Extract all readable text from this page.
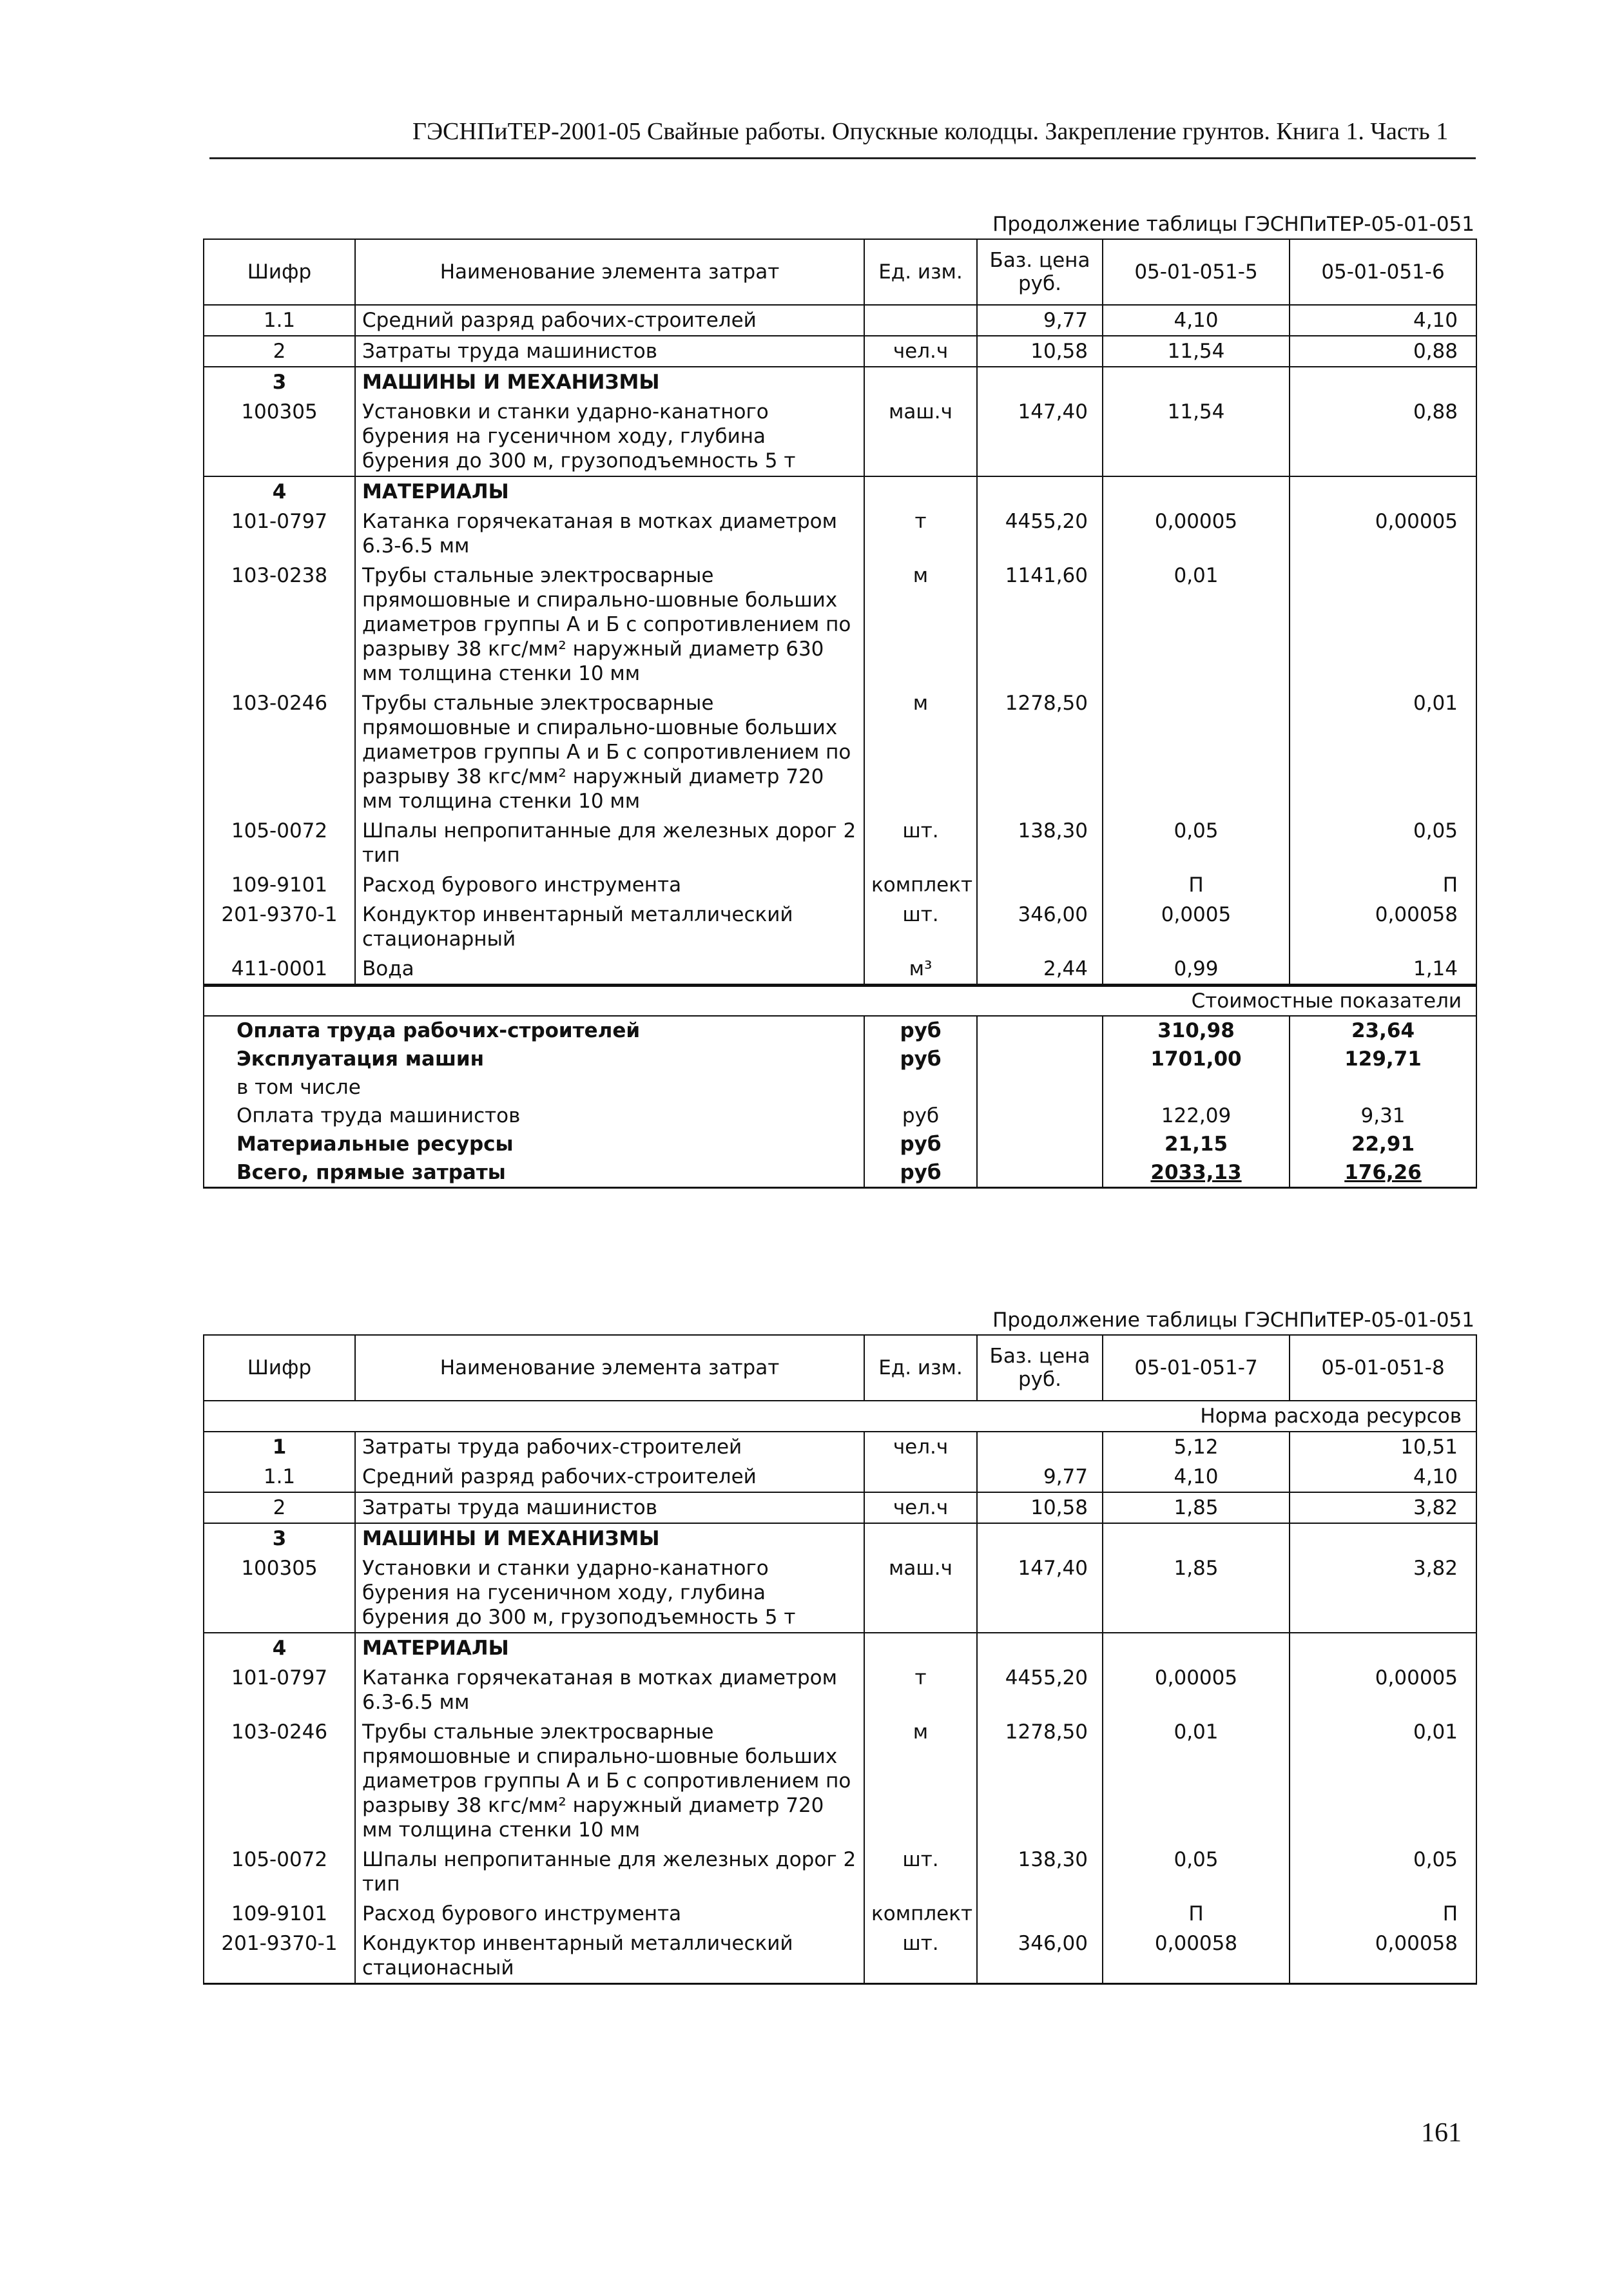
ГЭСНПиТЕР-2001-05 Свайные работы. Опускные колодцы. Закрепление грунтов. Книга 1. Часть 1
Продолжение таблицы ГЭСНПиТЕР-05-01-051
Шифр	Наименование элемента затрат	Ед. изм.	Баз. цена руб.	05-01-051-5	05-01-051-6
1.1	Средний разряд рабочих-строителей		9,77	4,10	4,10
2	Затраты труда машинистов	чел.ч	10,58	11,54	0,88
3	МАШИНЫ И МЕХАНИЗМЫ				
100305	Установки и станки ударно-канатного бурения на гусеничном ходу, глубина бурения до 300 м, грузоподъемность 5 т	маш.ч	147,40	11,54	0,88
4	МАТЕРИАЛЫ				
101-0797	Катанка горячекатаная в мотках диаметром 6.3-6.5 мм	т	4455,20	0,00005	0,00005
103-0238	Трубы стальные электросварные прямошовные и спирально-шовные больших диаметров группы А и Б с сопротивлением по разрыву 38 кгс/мм² наружный диаметр 630 мм толщина стенки 10 мм	м	1141,60	0,01	
103-0246	Трубы стальные электросварные прямошовные и спирально-шовные больших диаметров группы А и Б с сопротивлением по разрыву 38 кгс/мм² наружный диаметр 720 мм толщина стенки 10 мм	м	1278,50		0,01
105-0072	Шпалы непропитанные для железных дорог 2 тип	шт.	138,30	0,05	0,05
109-9101	Расход бурового инструмента	комплект		П	П
201-9370-1	Кондуктор инвентарный металлический стационарный	шт.	346,00	0,0005	0,00058
411-0001	Вода	м³	2,44	0,99	1,14
Стоимостные показатели				
Оплата труда рабочих-строителей	руб		310,98	23,64
Эксплуатация машин	руб		1701,00	129,71
в том числе				
Оплата труда машинистов	руб		122,09	9,31
Материальные ресурсы	руб		21,15	22,91
Всего, прямые затраты	руб		2033,13	176,26
Продолжение таблицы ГЭСНПиТЕР-05-01-051
Шифр	Наименование элемента затрат	Ед. изм.	Баз. цена руб.	05-01-051-7	05-01-051-8
Норма расхода ресурсов					
1	Затраты труда рабочих-строителей	чел.ч		5,12	10,51
1.1	Средний разряд рабочих-строителей		9,77	4,10	4,10
2	Затраты труда машинистов	чел.ч	10,58	1,85	3,82
3	МАШИНЫ И МЕХАНИЗМЫ				
100305	Установки и станки ударно-канатного бурения на гусеничном ходу, глубина бурения до 300 м, грузоподъемность 5 т	маш.ч	147,40	1,85	3,82
4	МАТЕРИАЛЫ				
101-0797	Катанка горячекатаная в мотках диаметром 6.3-6.5 мм	т	4455,20	0,00005	0,00005
103-0246	Трубы стальные электросварные прямошовные и спирально-шовные больших диаметров группы А и Б с сопротивлением по разрыву 38 кгс/мм² наружный диаметр 720 мм толщина стенки 10 мм	м	1278,50	0,01	0,01
105-0072	Шпалы непропитанные для железных дорог 2 тип	шт.	138,30	0,05	0,05
109-9101	Расход бурового инструмента	комплект		П	П
201-9370-1	Кондуктор инвентарный металлический стационасный	шт.	346,00	0,00058	0,00058
161
